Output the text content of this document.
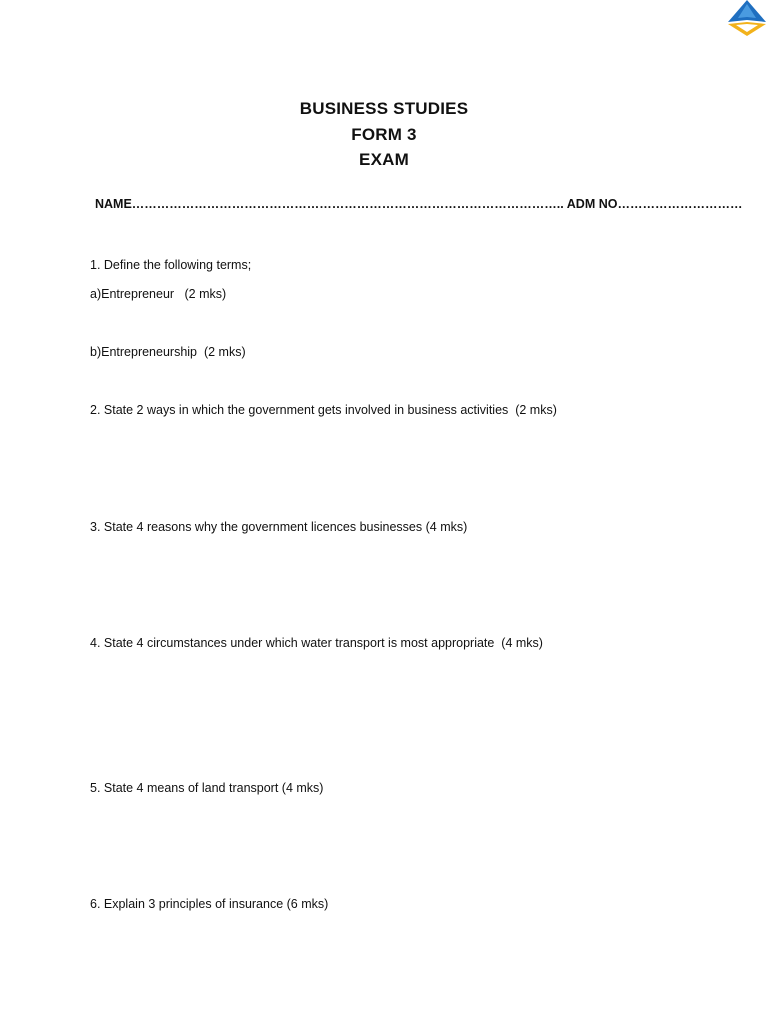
BUSINESS STUDIES
FORM 3
EXAM
NAME………………………………………………………………………………………….. ADM NO…………………………
1. Define the following terms;
a)Entrepreneur   (2 mks)
b)Entrepreneurship  (2 mks)
2. State 2 ways in which the government gets involved in business activities  (2 mks)
3. State 4 reasons why the government licences businesses (4 mks)
4. State 4 circumstances under which water transport is most appropriate  (4 mks)
5. State 4 means of land transport (4 mks)
6. Explain 3 principles of insurance (6 mks)
